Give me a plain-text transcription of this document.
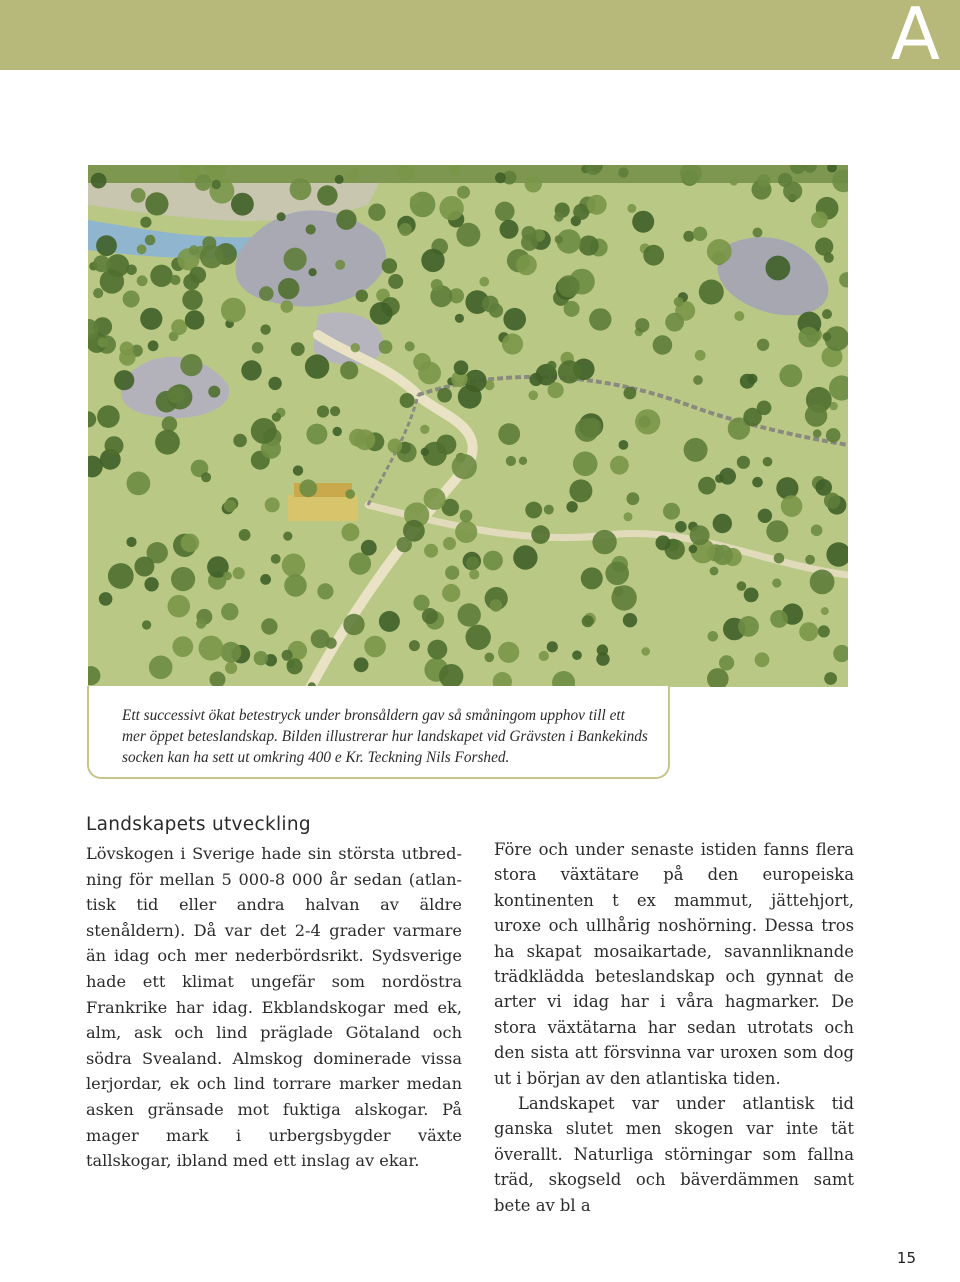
A
Ett successivt ökat betestryck under bronsåldern gav så småningom upphov till ett mer öppet beteslandskap. Bilden illustrerar hur landskapet vid Grävsten i Bankekinds socken kan ha sett ut omkring 400 e Kr. Teckning Nils Forshed.
Landskapets utveckling

Lövskogen i Sverige hade sin största utbredning för mellan 5 000-8 000 år sedan (atlantisk tid eller andra halvan av äldre stenåldern). Då var det 2-4 grader varmare än idag och mer nederbördsrikt. Sydsverige hade ett klimat ungefär som nordöstra Frankrike har idag. Ekblandskogar med ek, alm, ask och lind präglade Götaland och södra Svealand. Almskog dominerade vissa lerjordar, ek och lind torrare marker medan asken gränsade mot fuktiga alskogar. På mager mark i urbergsbygder växte tallskogar, ibland med ett inslag av ekar.

Före och under senaste istiden fanns flera stora växtätare på den europeiska kontinenten t ex mammut, jättehjort, uroxe och ullhårig noshörning. Dessa tros ha skapat mosaikartade, savannliknande trädklädda beteslandskap och gynnat de arter vi idag har i våra hagmarker. De stora växtätarna har sedan utrotats och den sista att försvinna var uroxen som dog ut i början av den atlantiska tiden.

Landskapet var under atlantisk tid ganska slutet men skogen var inte tät överallt. Naturliga störningar som fallna träd, skogseld och bäverdämmen samt bete av bl a

15
